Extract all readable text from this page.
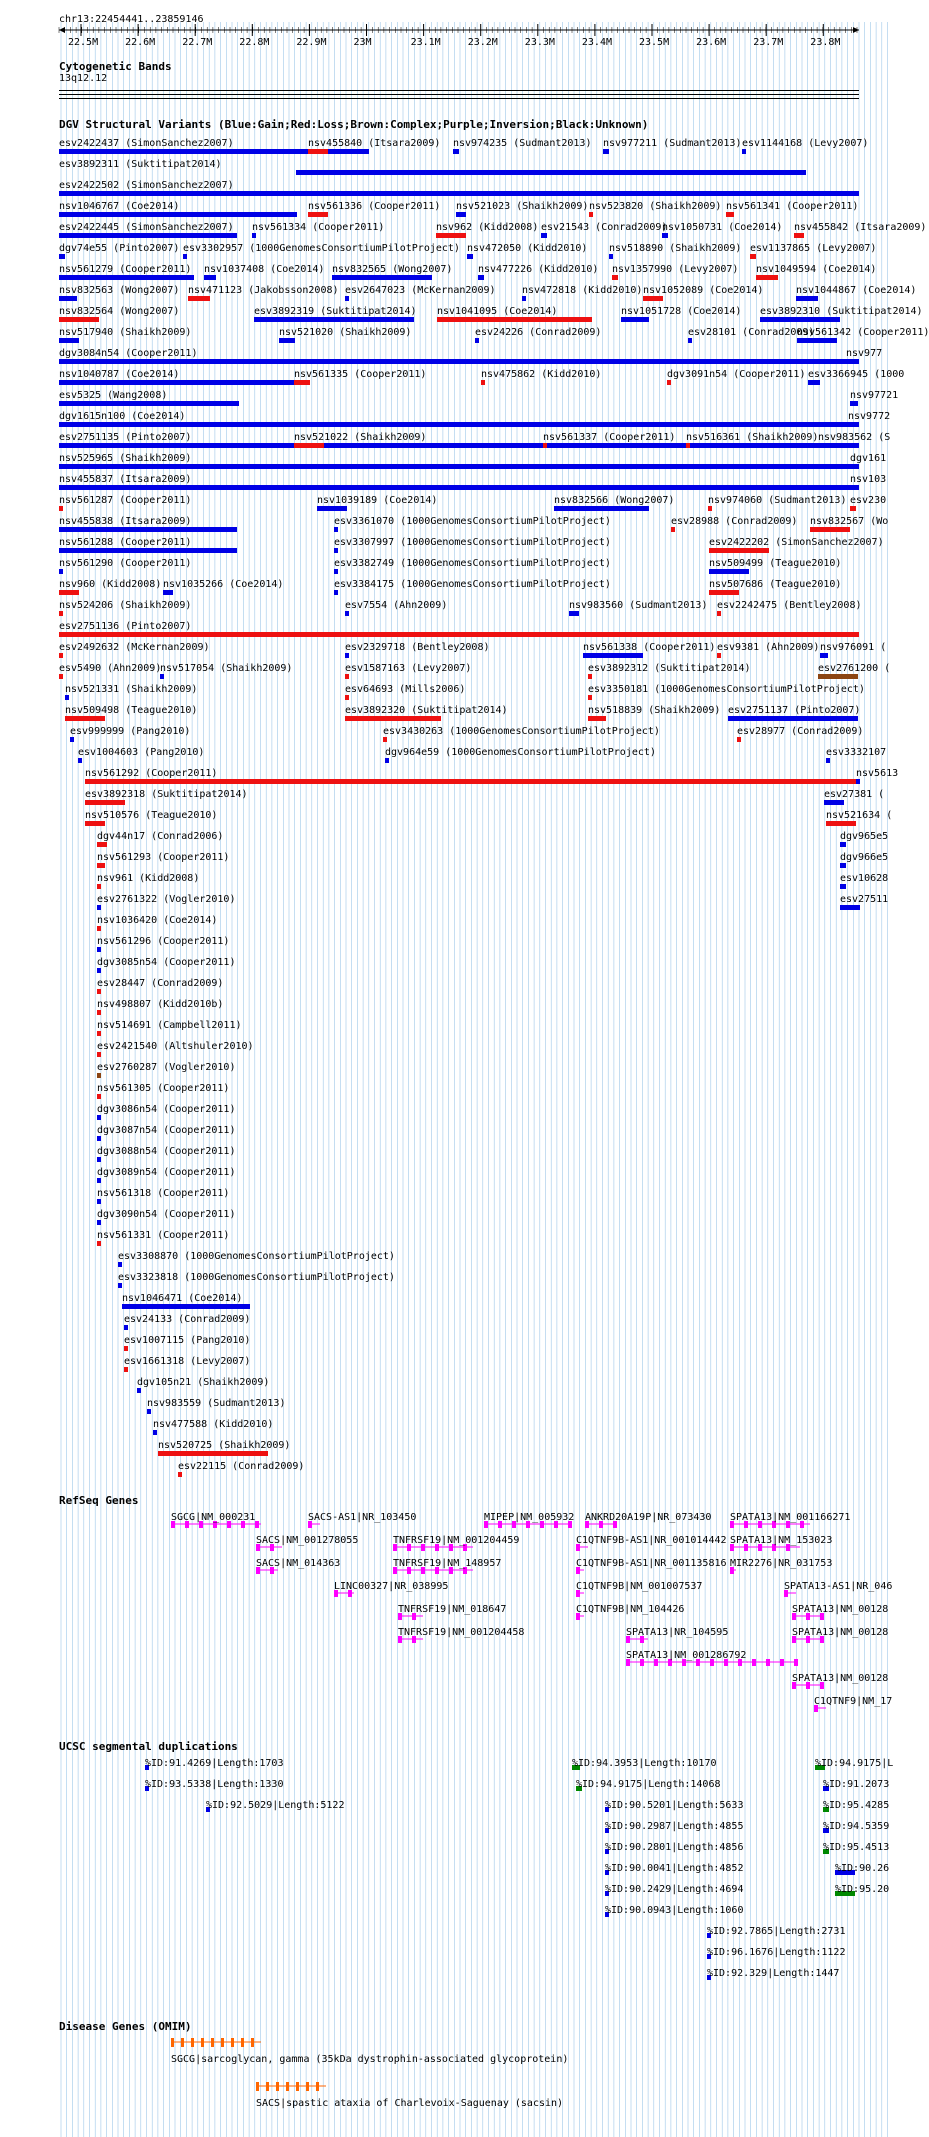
22.5M	22.6M	22.7M	22.8M	22.9M	23M	23.1M	23.2M	23.3M	23.4M	23.5M	23.6M	23.7M	23.8M
chr13:22454441..23859146
Cytogenetic Bands
13q12.12
DGV Structural Variants (Blue:Gain;Red:Loss;Brown:Complex;Purple;Inversion;Black:Unknown)
esv2422437 (SimonSanchez2007)	nsv455840 (Itsara2009) nsv974235 (Sudmant2013) nsv977211 (Sudmant2013) esv1144168 (Levy2007)
esv3892311 (Suktitipat2014)
esv2422502 (SimonSanchez2007)
nsv1046767 (Coe2014)	nsv561336 (Cooper2011) nsv521023 (Shaikh2009) nsv523820 (Shaikh2009) nsv561341 (Cooper2011)
esv2422445 (SimonSanchez2007) nsv561334 (Cooper2011)	nsv962 (Kidd2008) esv21543 (Conrad2009)
nsv1050731 (Coe2014) nsv455842 (Itsara2009)
dgv74e55 (Pinto2007) esv3302957 (1000GenomesConsortiumPilotProject) nsv472050 (Kidd2010) nsv518890 (Shaikh2009) esv1137865 (Levy2007)
nsv561279 (Cooper2011) nsv1037408 (Coe2014) nsv832565 (Wong2007)	nsv477226 (Kidd2010) nsv1357990 (Levy2007) nsv1049594 (Coe2014)
nsv832563 (Wong2007) nsv471123 (Jakobsson2008) esv2647023 (McKernan2009)	nsv472818 (Kidd2010) nsv1052089 (Coe2014)	nsv1044867 (Coe2014)
nsv832564 (Wong2007)	esv3892319 (Suktitipat2014) nsv1041095 (Coe2014)	nsv1051728 (Coe2014) esv3892310 (Suktitipat2014)
nsv517940 (Shaikh2009)	nsv521020 (Shaikh2009)	esv24226 (Conrad2009)	esv28101 (Conrad2009)
nsv561342 (Cooper2011)
dgv3084n54 (Cooper2011)	nsv977
nsv1040787 (Coe2014)	nsv561335 (Cooper2011)	nsv475862 (Kidd2010)	dgv3091n54 (Cooper2011) esv3366945 (1000
esv5325 (Wang2008)	nsv97721
dgv1615n100 (Coe2014)	nsv9772
esv2751135 (Pinto2007)	nsv521022 (Shaikh2009)	nsv561337 (Cooper2011) nsv516361 (Shaikh2009) nsv983562 (S
nsv525965 (Shaikh2009)	dgv161
nsv455837 (Itsara2009)	nsv103
nsv561287 (Cooper2011)	nsv1039189 (Coe2014)	nsv832566 (Wong2007)	nsv974060 (Sudmant2013) esv230
nsv455838 (Itsara2009)	esv3361070 (1000GenomesConsortiumPilotProject)	esv28988 (Conrad2009) nsv832567 (Wo
nsv561288 (Cooper2011)	esv3307997 (1000GenomesConsortiumPilotProject)	esv2422202 (SimonSanchez2007)
nsv561290 (Cooper2011)	esv3382749 (1000GenomesConsortiumPilotProject)	nsv509499 (Teague2010)
nsv960 (Kidd2008) nsv1035266 (Coe2014)	esv3384175 (1000GenomesConsortiumPilotProject)	nsv507686 (Teague2010)
nsv524206 (Shaikh2009)	esv7554 (Ahn2009)	nsv983560 (Sudmant2013) esv2242475 (Bentley2008)
esv2751136 (Pinto2007)
esv2492632 (McKernan2009)	esv2329718 (Bentley2008)	nsv561338 (Cooper2011) esv9381 (Ahn2009) nsv976091 (
esv5490 (Ahn2009)
nsv517054 (Shaikh2009)	esv1587163 (Levy2007)	esv3892312 (Suktitipat2014)	esv2761200 (
nsv521331 (Shaikh2009)	esv64693 (Mills2006)	esv3350181 (1000GenomesConsortiumPilotProject)
nsv509498 (Teague2010)	esv3892320 (Suktitipat2014)	nsv518839 (Shaikh2009) esv2751137 (Pinto2007)
esv999999 (Pang2010)	esv3430263 (1000GenomesConsortiumPilotProject)	esv28977 (Conrad2009)
esv1004603 (Pang2010)	dgv964e59 (1000GenomesConsortiumPilotProject)	esv3332107
nsv561292 (Cooper2011)	nsv5613
esv3892318 (Suktitipat2014)	esv27381 (
nsv510576 (Teague2010)	nsv521634 (
dgv44n17 (Conrad2006)	dgv965e5
nsv561293 (Cooper2011)	dgv966e5
nsv961 (Kidd2008)	esv10628
esv2761322 (Vogler2010)	esv27511
nsv1036420 (Coe2014)
nsv561296 (Cooper2011)
dgv3085n54 (Cooper2011)
esv28447 (Conrad2009)
nsv498807 (Kidd2010b)
nsv514691 (Campbell2011)
esv2421540 (Altshuler2010)
esv2760287 (Vogler2010)
nsv561305 (Cooper2011)
dgv3086n54 (Cooper2011)
dgv3087n54 (Cooper2011)
dgv3088n54 (Cooper2011)
dgv3089n54 (Cooper2011)
nsv561318 (Cooper2011)
dgv3090n54 (Cooper2011)
nsv561331 (Cooper2011)
esv3308870 (1000GenomesConsortiumPilotProject)
esv3323818 (1000GenomesConsortiumPilotProject)
nsv1046471 (Coe2014)
esv24133 (Conrad2009)
esv1007115 (Pang2010)
esv1661318 (Levy2007)
dgv105n21 (Shaikh2009)
nsv983559 (Sudmant2013)
nsv477588 (Kidd2010)
nsv520725 (Shaikh2009)
esv22115 (Conrad2009)
RefSeq Genes
SGCG|NM_000231	SACS-AS1|NR_103450	MIPEP|NM_005932 ANKRD20A19P|NR_073430 SPATA13|NM_001166271
SACS|NM_001278055	TNFRSF19|NM_001204459	C1QTNF9B-AS1|NR_001014442 SPATA13|NM_153023
SACS|NM_014363	TNFRSF19|NM_148957	C1QTNF9B-AS1|NR_001135816 MIR2276|NR_031753
LINC00327|NR_038995	C1QTNF9B|NM_001007537	SPATA13-AS1|NR_046
TNFRSF19|NM_018647	C1QTNF9B|NM_104426	SPATA13|NM_00128
TNFRSF19|NM_001204458	SPATA13|NR_104595	SPATA13|NM_00128
SPATA13|NM_001286792
SPATA13|NM_00128
C1QTNF9|NM_17
UCSC segmental duplications
%ID:91.4269|Length:1703	%ID:94.3953|Length:10170	%ID:94.9175|L
%ID:93.5338|Length:1330	%ID:94.9175|Length:14068	%ID:91.2073
%ID:92.5029|Length:5122	%ID:90.5201|Length:5633	%ID:95.4285
%ID:90.2987|Length:4855	%ID:94.5359
%ID:90.2801|Length:4856	%ID:95.4513
%ID:90.0041|Length:4852	%ID:90.26
%ID:90.2429|Length:4694	%ID:95.20
%ID:90.0943|Length:1060
%ID:92.7865|Length:2731
%ID:96.1676|Length:1122
%ID:92.329|Length:1447
Disease Genes (OMIM)
SGCG|sarcoglycan, gamma (35kDa dystrophin-associated glycoprotein)
SACS|spastic ataxia of Charlevoix-Saguenay (sacsin)
